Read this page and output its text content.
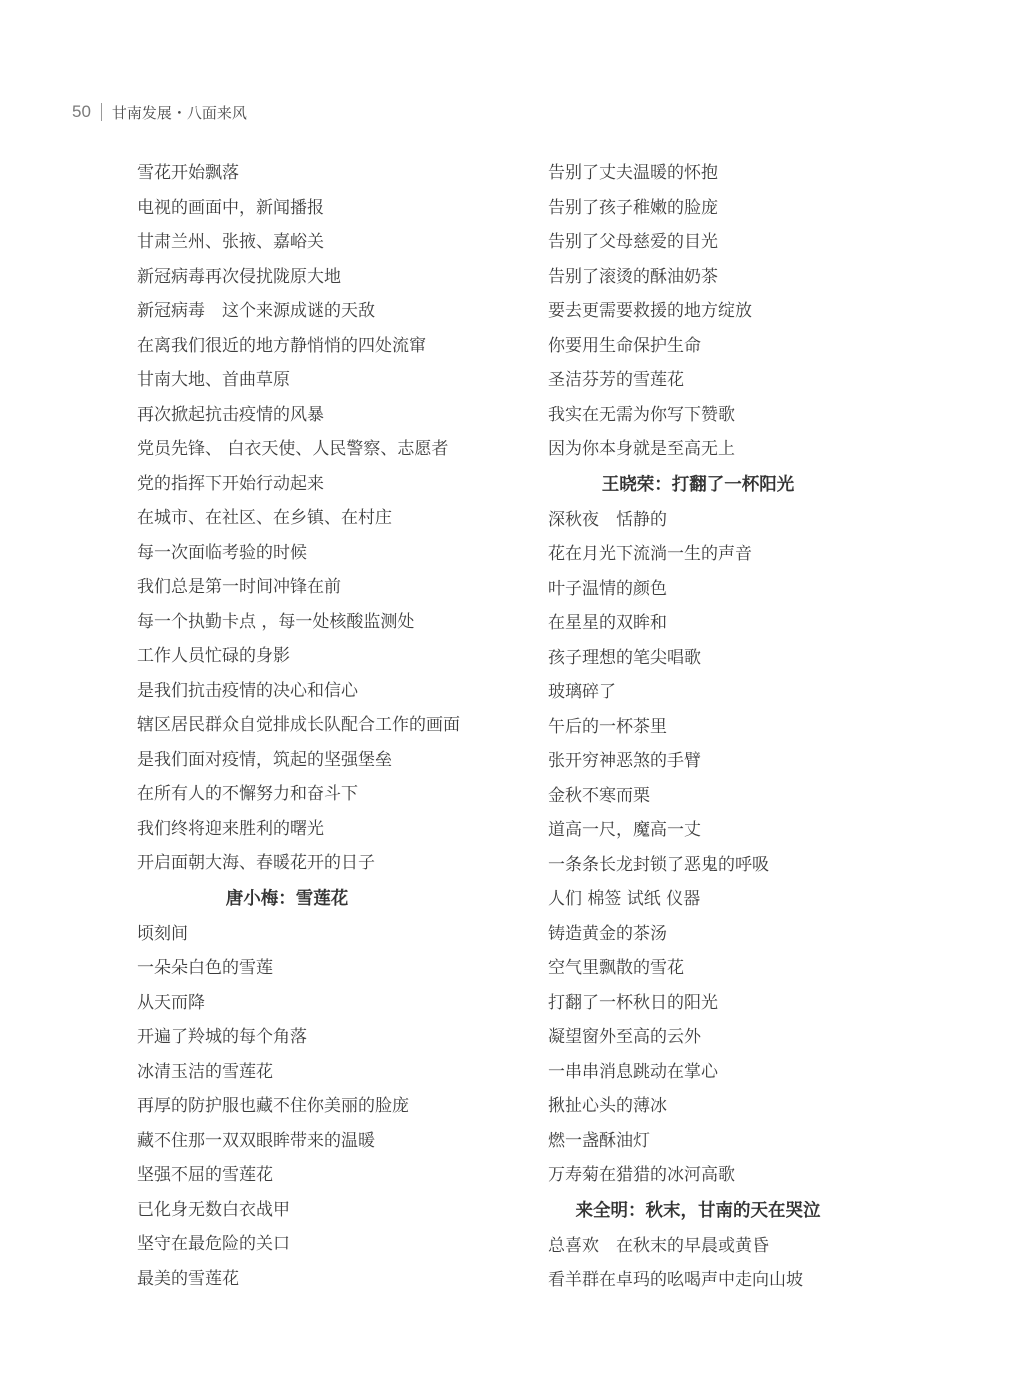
50 甘南发展・八面来风
雪花开始飘落
电视的画面中，新闻播报
甘肃兰州、张掖、嘉峪关
新冠病毒再次侵扰陇原大地
新冠病毒　这个来源成谜的天敌
在离我们很近的地方静悄悄的四处流窜
甘南大地、首曲草原
再次掀起抗击疫情的风暴
党员先锋、 白衣天使、人民警察、志愿者
党的指挥下开始行动起来
在城市、在社区、在乡镇、在村庄
每一次面临考验的时候
我们总是第一时间冲锋在前
每一个执勤卡点 ，每一处核酸监测处
工作人员忙碌的身影
是我们抗击疫情的决心和信心
辖区居民群众自觉排成长队配合工作的画面
是我们面对疫情，筑起的坚强堡垒
在所有人的不懈努力和奋斗下
我们终将迎来胜利的曙光
开启面朝大海、春暖花开的日子
唐小梅：雪莲花
顷刻间
一朵朵白色的雪莲
从天而降
开遍了羚城的每个角落
冰清玉洁的雪莲花
再厚的防护服也藏不住你美丽的脸庞
藏不住那一双双眼眸带来的温暖
坚强不屈的雪莲花
已化身无数白衣战甲
坚守在最危险的关口
最美的雪莲花
告别了丈夫温暖的怀抱
告别了孩子稚嫩的脸庞
告别了父母慈爱的目光
告别了滚烫的酥油奶茶
要去更需要救援的地方绽放
你要用生命保护生命
圣洁芬芳的雪莲花
我实在无需为你写下赞歌
因为你本身就是至高无上
王晓荣：打翻了一杯阳光
深秋夜　恬静的
花在月光下流淌一生的声音
叶子温情的颜色
在星星的双眸和
孩子理想的笔尖唱歌
玻璃碎了
午后的一杯茶里
张开穷神恶煞的手臂
金秋不寒而栗
道高一尺，魔高一丈
一条条长龙封锁了恶鬼的呼吸
人们 棉签 试纸 仪器
铸造黄金的茶汤
空气里飘散的雪花
打翻了一杯秋日的阳光
凝望窗外至高的云外
一串串消息跳动在掌心
揪扯心头的薄冰
燃一盏酥油灯
万寿菊在猎猎的冰河高歌
来全明：秋末，甘南的天在哭泣
总喜欢　在秋末的早晨或黄昏
看羊群在卓玛的吆喝声中走向山坡
